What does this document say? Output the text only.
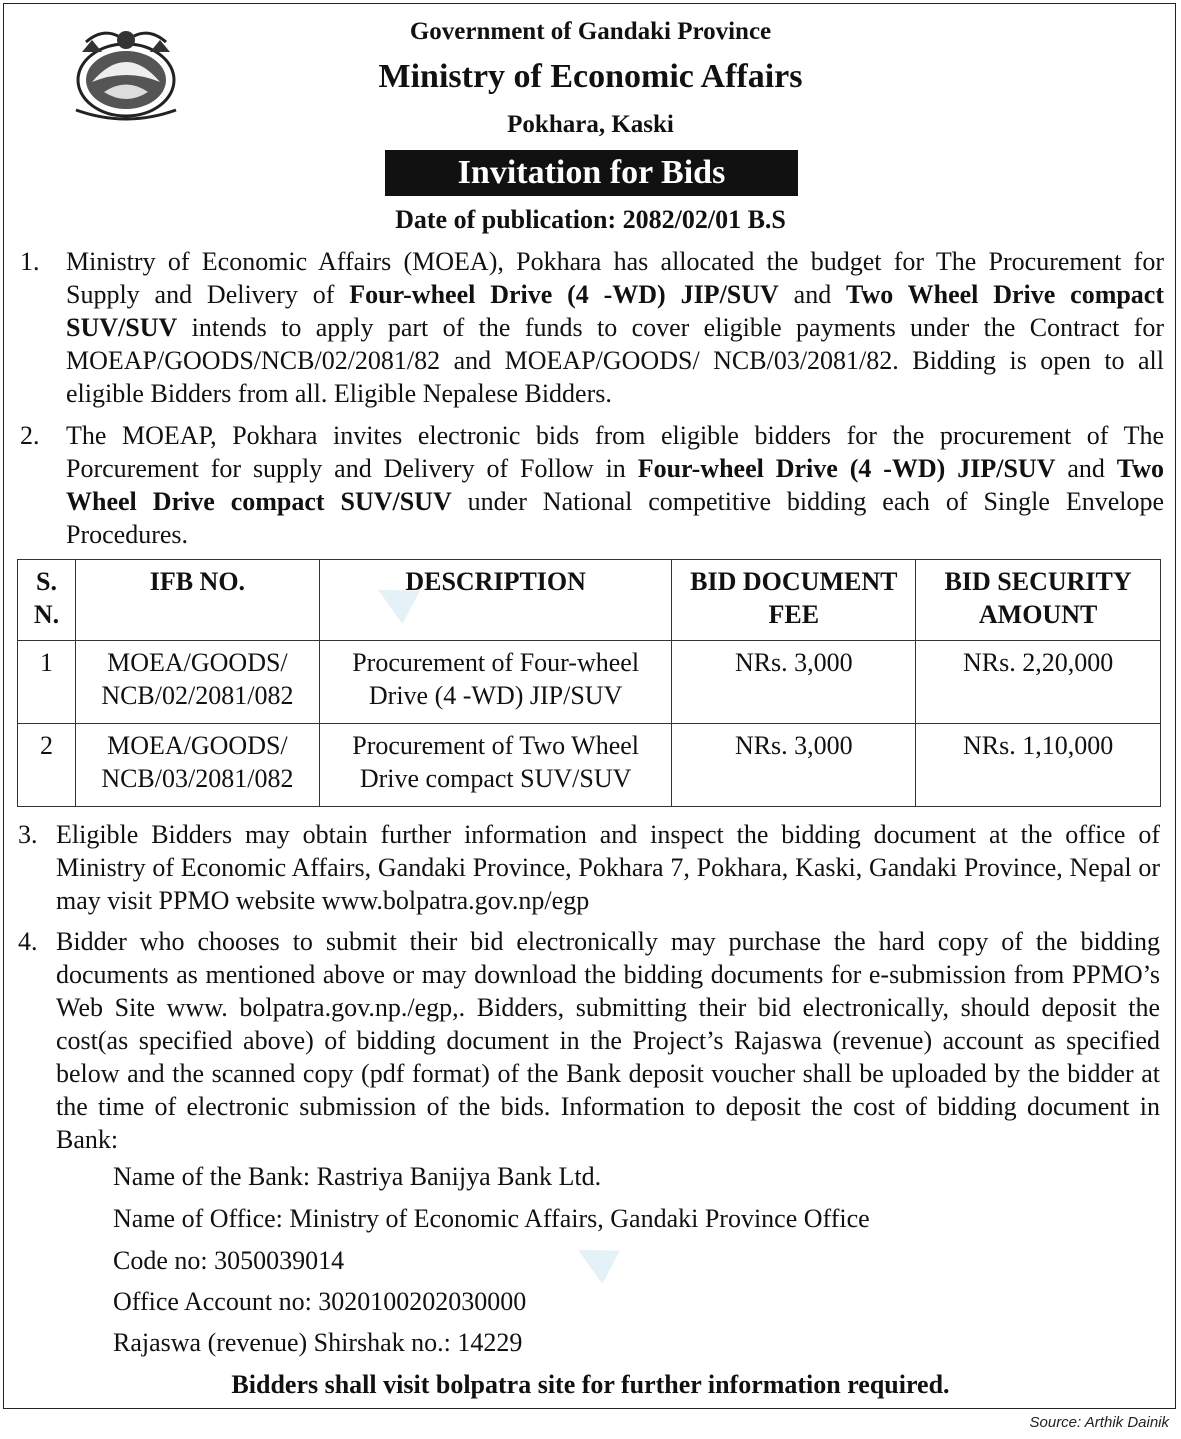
▲
▲
Government of Gandaki Province
Ministry of Economic Affairs
Pokhara, Kaski
Invitation for Bids
Date of publication: 2082/02/01 B.S
1. Ministry of Economic Affairs (MOEA), Pokhara has allocated the budget for The Procurement for Supply and Delivery of Four-wheel Drive (4 -WD) JIP/SUV and Two Wheel Drive compact SUV/SUV intends to apply part of the funds to cover eligible payments under the Contract for MOEAP/GOODS/NCB/02/2081/82 and MOEAP/GOODS/ NCB/03/2081/82. Bidding is open to all eligible Bidders from all. Eligible Nepalese Bidders.
2. The MOEAP, Pokhara invites electronic bids from eligible bidders for the procurement of The Porcurement for supply and Delivery of Follow in Four-wheel Drive (4 -WD) JIP/SUV and Two Wheel Drive compact SUV/SUV under National competitive bidding each of Single Envelope Procedures.
S. N.	IFB NO.	DESCRIPTION	BID DOCUMENT FEE	BID SECURITY AMOUNT
1	MOEA/GOODS/ NCB/02/2081/082	Procurement of Four-wheel Drive (4 -WD) JIP/SUV	NRs. 3,000	NRs. 2,20,000
2	MOEA/GOODS/ NCB/03/2081/082	Procurement of Two Wheel Drive compact SUV/SUV	NRs. 3,000	NRs. 1,10,000
3. Eligible Bidders may obtain further information and inspect the bidding document at the office of Ministry of Economic Affairs, Gandaki Province, Pokhara 7, Pokhara, Kaski, Gandaki Province, Nepal or may visit PPMO website www.bolpatra.gov.np/egp
4. Bidder who chooses to submit their bid electronically may purchase the hard copy of the bidding documents as mentioned above or may download the bidding documents for e-submission from PPMO’s Web Site www. bolpatra.gov.np./egp,. Bidders, submitting their bid electronically, should deposit the cost(as specified above) of bidding document in the Project’s Rajaswa (revenue) account as specified below and the scanned copy (pdf format) of the Bank deposit voucher shall be uploaded by the bidder at the time of electronic submission of the bids. Information to deposit the cost of bidding document in Bank:
Name of the Bank: Rastriya Banijya Bank Ltd.
Name of Office: Ministry of Economic Affairs, Gandaki Province Office
Code no: 3050039014
Office Account no: 3020100202030000
Rajaswa (revenue) Shirshak no.: 14229
Bidders shall visit bolpatra site for further information required.
Source: Arthik Dainik
